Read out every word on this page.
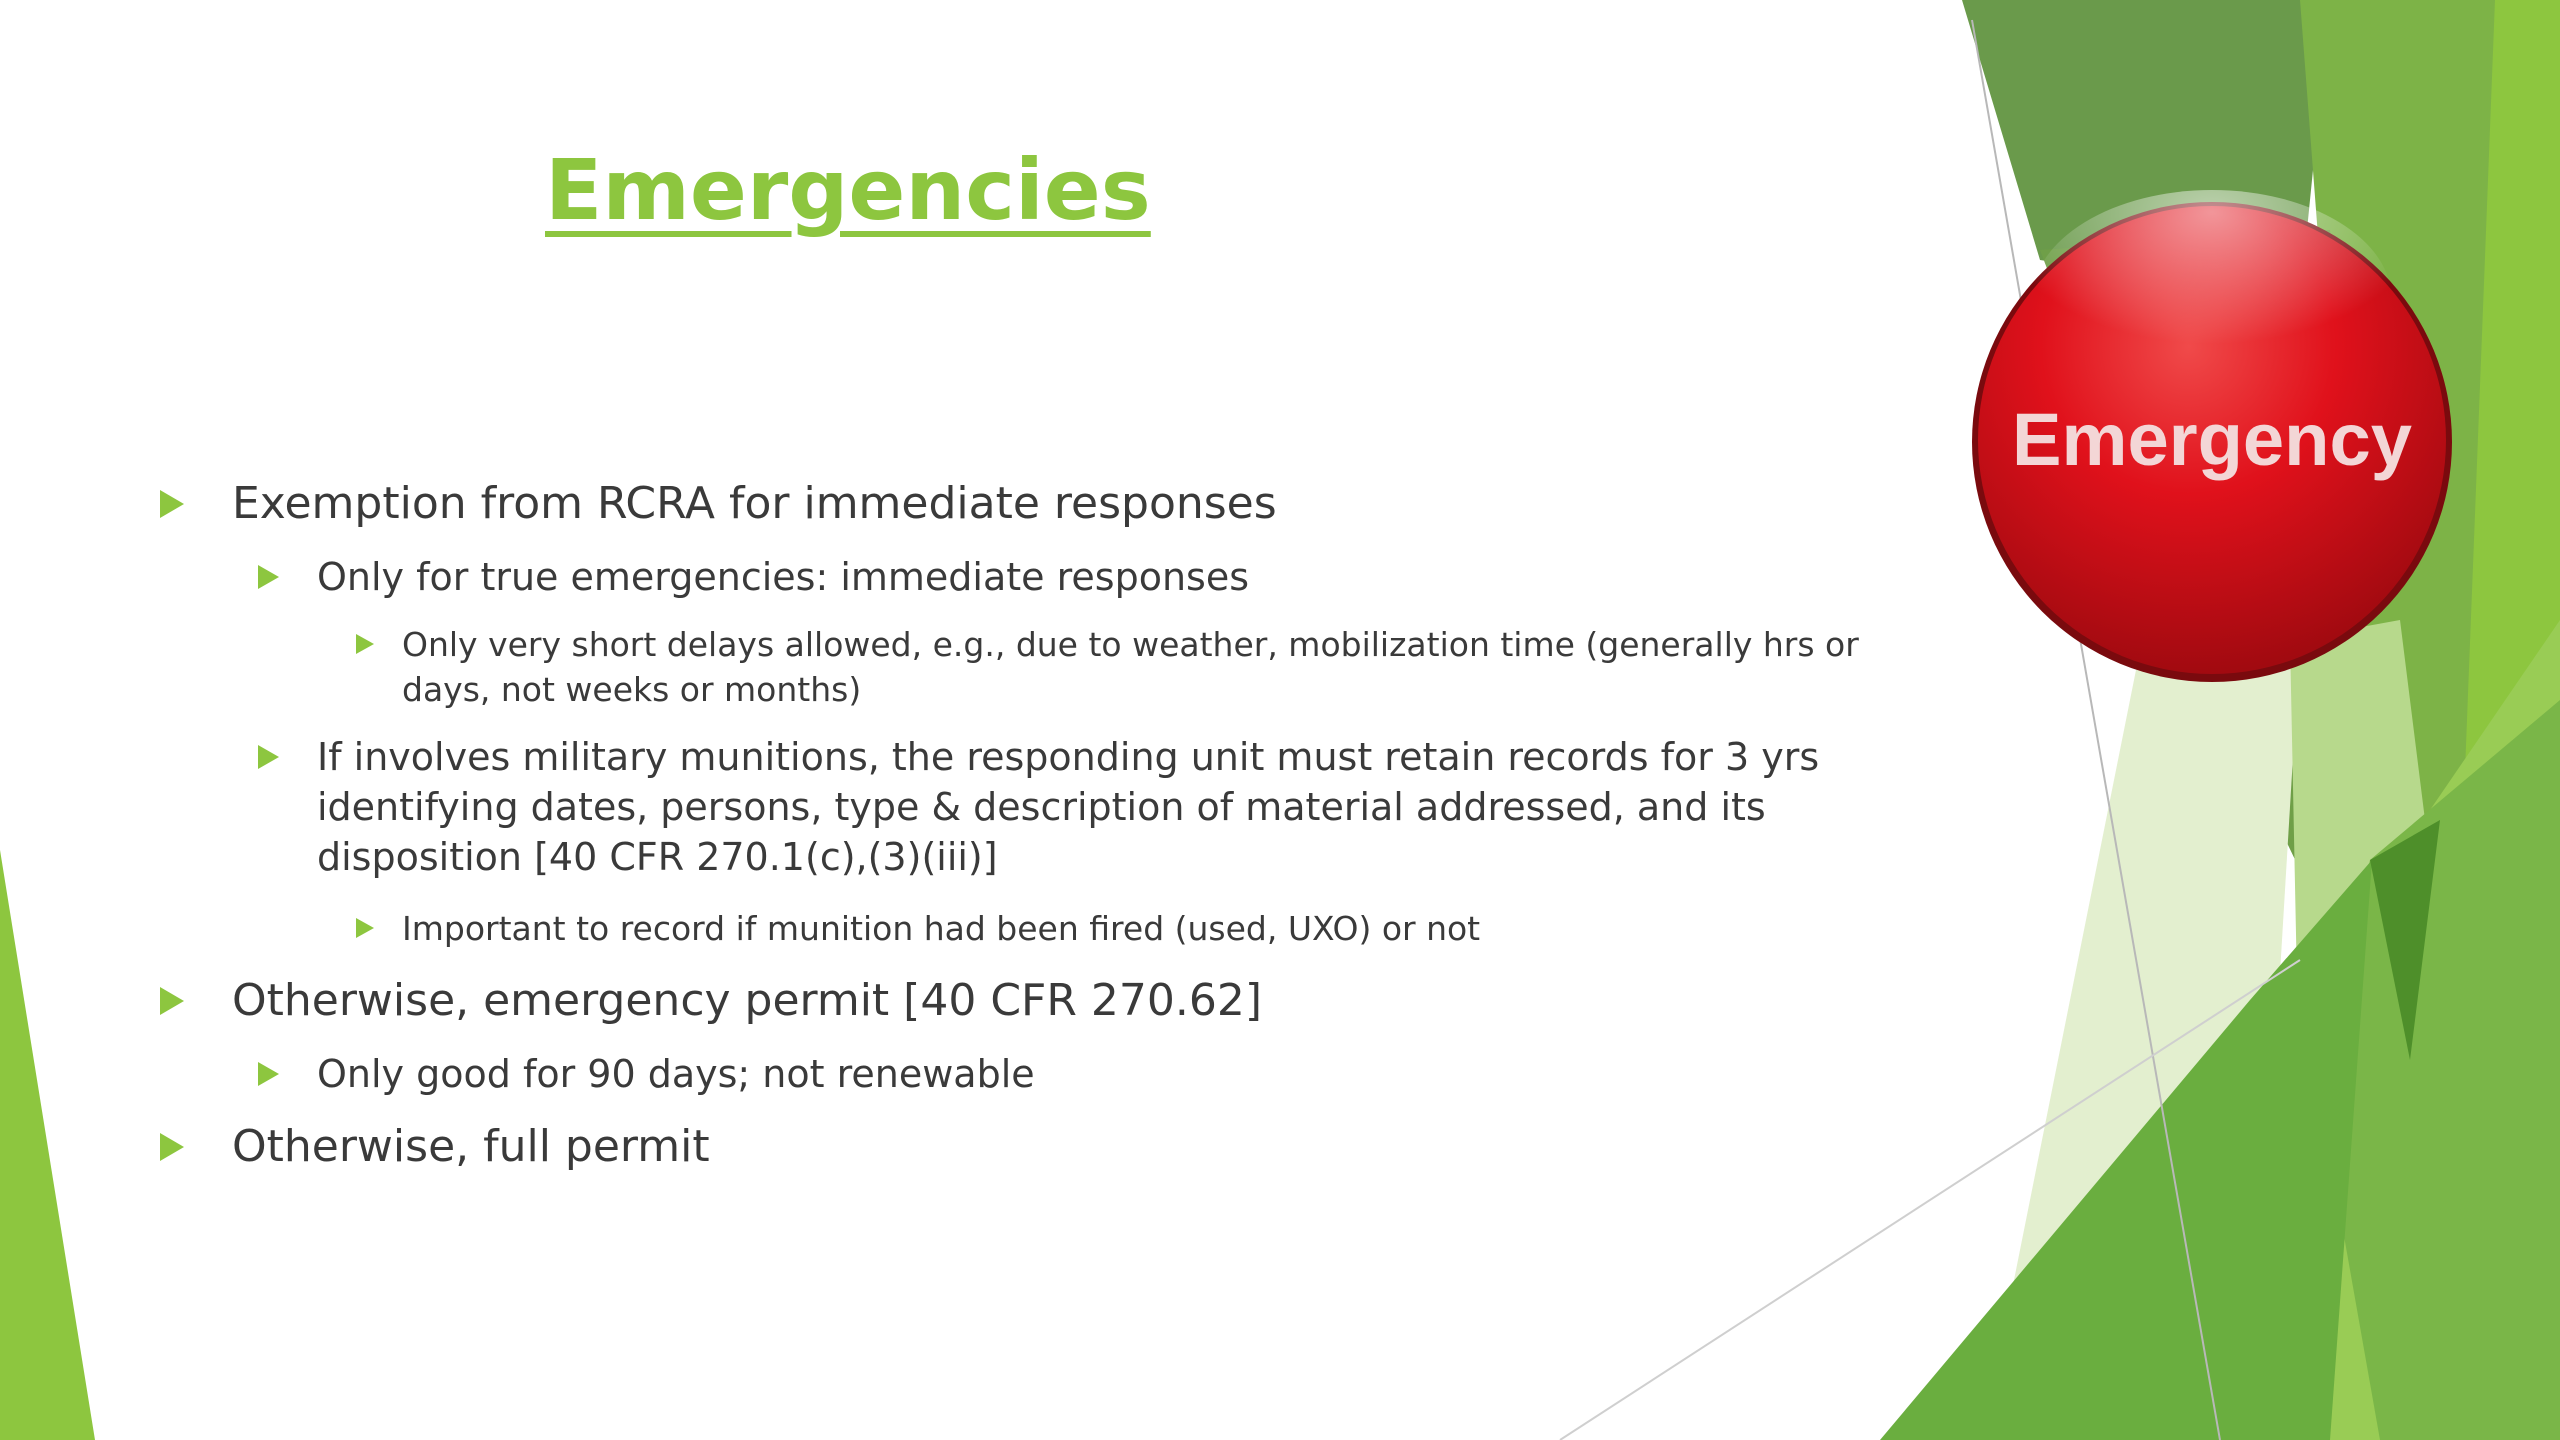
Emergency
Emergencies
Exemption from RCRA for immediate responses
Only for true emergencies: immediate responses
Only very short delays allowed, e.g., due to weather, mobilization time (generally hrs or days, not weeks or months)
If involves military munitions, the responding unit must retain records for 3 yrs identifying dates, persons, type & description of material addressed, and its disposition [40 CFR 270.1(c),(3)(iii)]
Important to record if munition had been fired (used, UXO) or not
Otherwise, emergency permit [40 CFR 270.62]
Only good for 90 days; not renewable
Otherwise, full permit
